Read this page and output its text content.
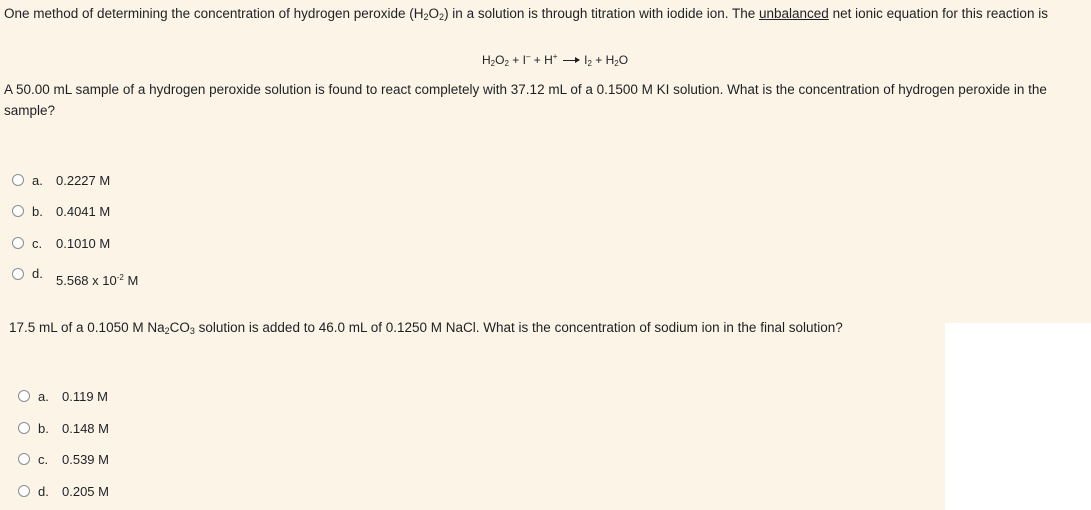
One method of determining the concentration of hydrogen peroxide $(H_2O_2)$ in a solution is through titration with iodide ion. The unbalanced net ionic equation for this reaction is
$H_2O_2 + I^- + H^+ \to I_2 + H_2O$
A 50.00 mL sample of a hydrogen peroxide solution is found to react completely with 37.12 mL of a 0.1500 M KI solution. What is the concentration of hydrogen peroxide in the sample?
a. 0.2227 M
b. 0.4041 M
c. 0.1010 M
d. 5.568 x $10^{-2}$ M
17.5 mL of a 0.1050 M $Na_2CO_3$ solution is added to 46.0 mL of 0.1250 M NaCl. What is the concentration of sodium ion in the final solution?
a. 0.119 M
b. 0.148 M
c. 0.539 M
d. 0.205 M
